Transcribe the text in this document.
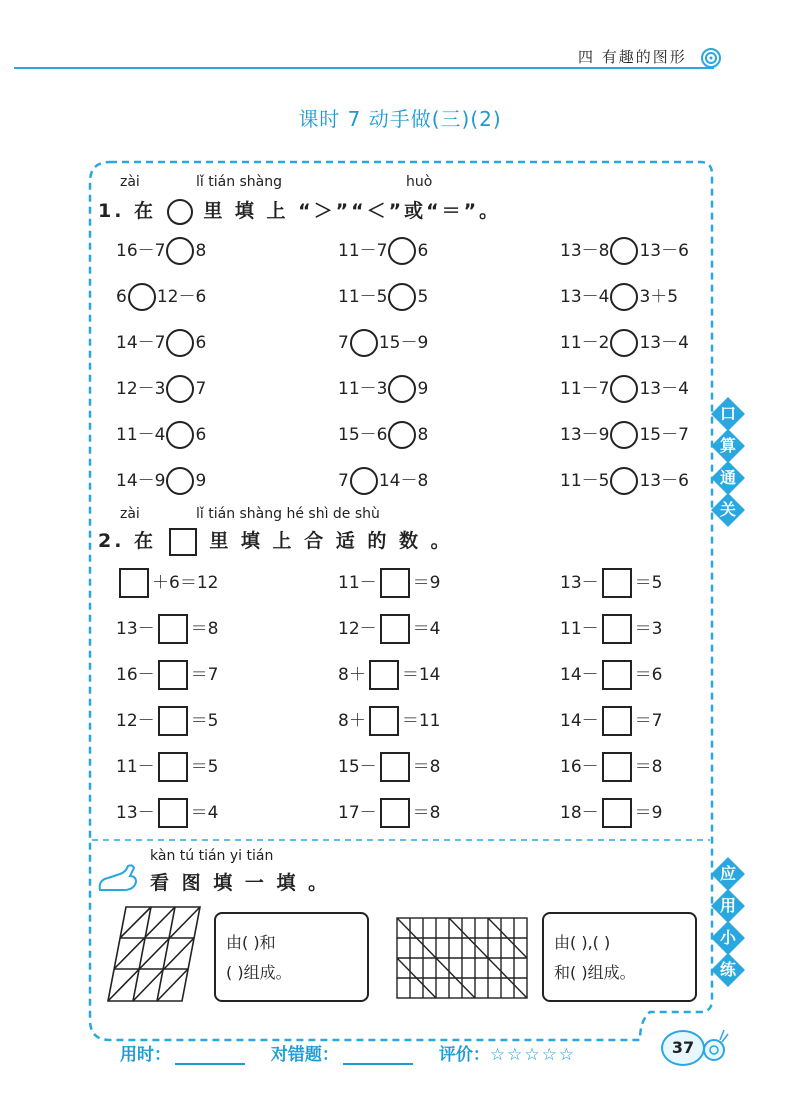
四 有趣的图形
课时 7 动手做(三)(2)
zài	lǐ tián shàng	huò
1. 在 里 填 上 “＞”“＜”或“＝”。
16－7 8	11－7 6	13－8 13－6
6 12－6	11－5 5	13－4 3＋5
14－7 6	7 15－9	11－2 13－4
12－3 7	11－3 9	11－7 13－4
11－4 6	15－6 8	13－9 15－7
14－9 9	7 14－8	11－5 13－6
zài	lǐ tián shàng hé shì de shù
2. 在	里 填 上 合 适 的 数 。
＋6＝12	11－ ＝9	13－ ＝5
13－ ＝8	12－ ＝4	11－ ＝3
16－ ＝7	8＋ ＝14	14－ ＝6
12－ ＝5	8＋ ＝11	14－ ＝7
11－ ＝5	15－ ＝8	16－ ＝8
13－ ＝4	17－ ＝8	18－ ＝9
口
算
通
关
应
用
小
练
kàn tú tián yi tián
看 图 填 一 填 。
由( )和
( )组成。
由( ),( )
和( )组成。
用时：	对错题：	评价：☆☆☆☆☆	37
